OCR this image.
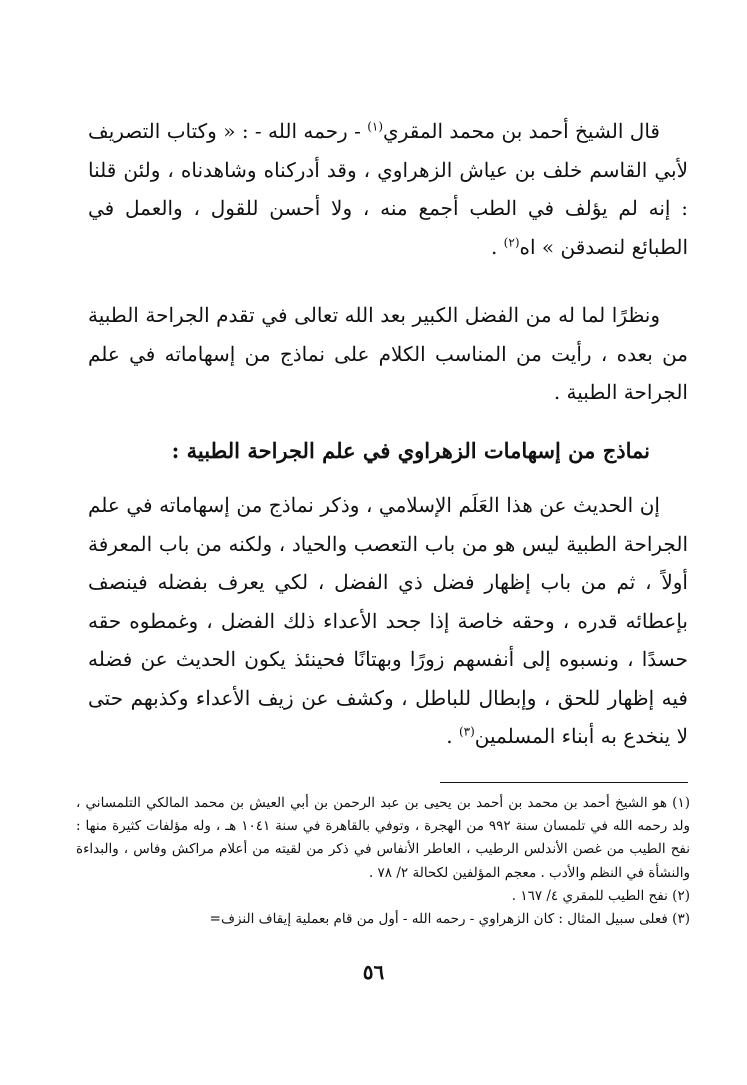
قال الشيخ أحمد بن محمد المقري$^{(١)}$ - رحمه الله - : « وكتاب التصريف لأبي القاسم خلف بن عياش الزهراوي ، وقد أدركناه وشاهدناه ، ولئن قلنا : إنه لم يؤلف في الطب أجمع منه ، ولا أحسن للقول ، والعمل في الطبائع لنصدقن » اه$^{(٢)}$ .

ونظرًا لما له من الفضل الكبير بعد الله تعالى في تقدم الجراحة الطبية من بعده ، رأيت من المناسب الكلام على نماذج من إسهاماته في علم الجراحة الطبية .

نماذج من إسهامات الزهراوي في علم الجراحة الطبية :

إن الحديث عن هذا العَلَم الإسلامي ، وذكر نماذج من إسهاماته في علم الجراحة الطبية ليس هو من باب التعصب والحياد ، ولكنه من باب المعرفة أولاً ، ثم من باب إظهار فضل ذي الفضل ، لكي يعرف بفضله فينصف بإعطائه قدره ، وحقه خاصة إذا جحد الأعداء ذلك الفضل ، وغمطوه حقه حسدًا ، ونسبوه إلى أنفسهم زورًا وبهتانًا فحينئذ يكون الحديث عن فضله فيه إظهار للحق ، وإبطال للباطل ، وكشف عن زيف الأعداء وكذبهم حتى لا ينخدع به أبناء المسلمين$^{(٣)}$ .

(١) هو الشيخ أحمد بن محمد بن أحمد بن يحيى بن عبد الرحمن بن أبي العيش بن محمد المالكي التلمساني ، ولد رحمه الله في تلمسان سنة ٩٩٢ من الهجرة ، وتوفي بالقاهرة في سنة ١٠٤١ هـ ، وله مؤلفات كثيرة منها : نفح الطيب من غصن الأندلس الرطيب ، العاطر الأنفاس في ذكر من لقيته من أعلام مراكش وفاس ، والبداءة والنشأة في النظم والأدب . معجم المؤلفين لكحالة ٢/ ٧٨ .

(٢) نفح الطيب للمقري ٤/ ١٦٧ .

(٣) فعلى سبيل المثال : كان الزهراوي - رحمه الله - أول من قام بعملية إيقاف النزف=

٥٦
